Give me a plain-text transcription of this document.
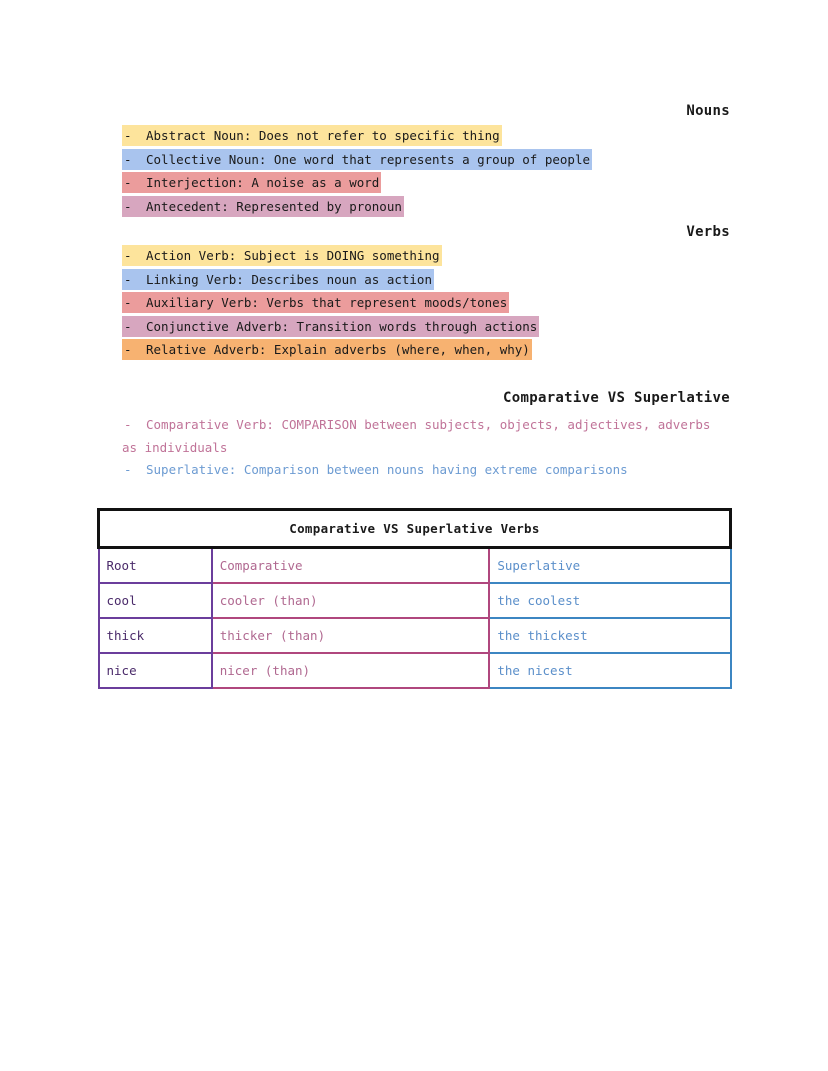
Nouns
- Abstract Noun: Does not refer to specific thing
- Collective Noun: One word that represents a group of people
- Interjection: A noise as a word
- Antecedent: Represented by pronoun
Verbs
- Action Verb: Subject is DOING something
- Linking Verb: Describes noun as action
- Auxiliary Verb: Verbs that represent moods/tones
- Conjunctive Adverb: Transition words through actions
- Relative Adverb: Explain adverbs (where, when, why)
Comparative VS Superlative
- Comparative Verb: COMPARISON between subjects, objects, adjectives, adverbs as individuals
- Superlative: Comparison between nouns having extreme comparisons
Comparative VS Superlative Verbs		
Root	Comparative	Superlative
cool	cooler (than)	the coolest
thick	thicker (than)	the thickest
nice	nicer (than)	the nicest
